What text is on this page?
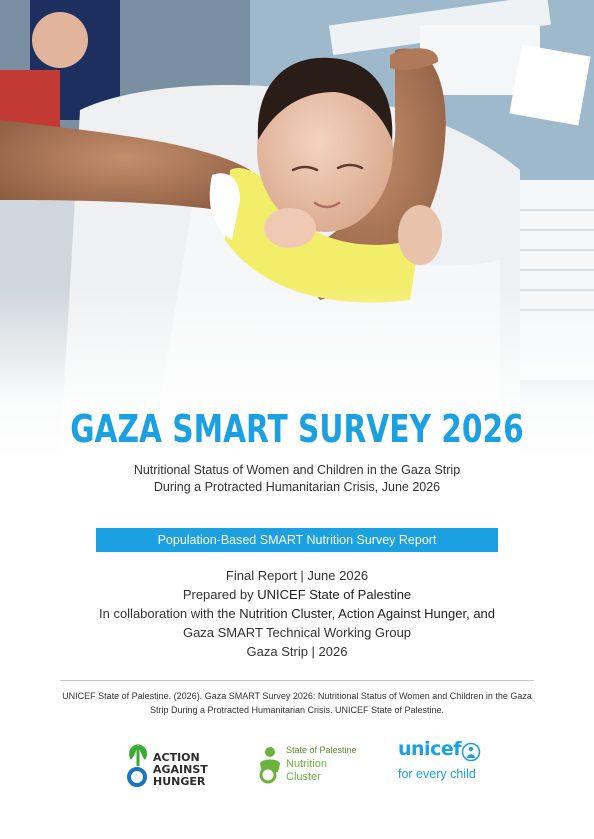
GAZA SMART SURVEY 2026
Nutritional Status of Women and Children in the Gaza Strip During a Protracted Humanitarian Crisis, June 2026
Population-Based SMART Nutrition Survey Report
Final Report | June 2026
Prepared by UNICEF State of Palestine
In collaboration with the Nutrition Cluster, Action Against Hunger, and
Gaza SMART Technical Working Group
Gaza Strip | 2026
UNICEF State of Palestine. (2026). Gaza SMART Survey 2026: Nutritional Status of Women and Children in the Gaza Strip During a Protracted Humanitarian Crisis. UNICEF State of Palestine.
ACTION
AGAINST
HUNGER
State of Palestine
Nutrition
Cluster
unicef
for every child
